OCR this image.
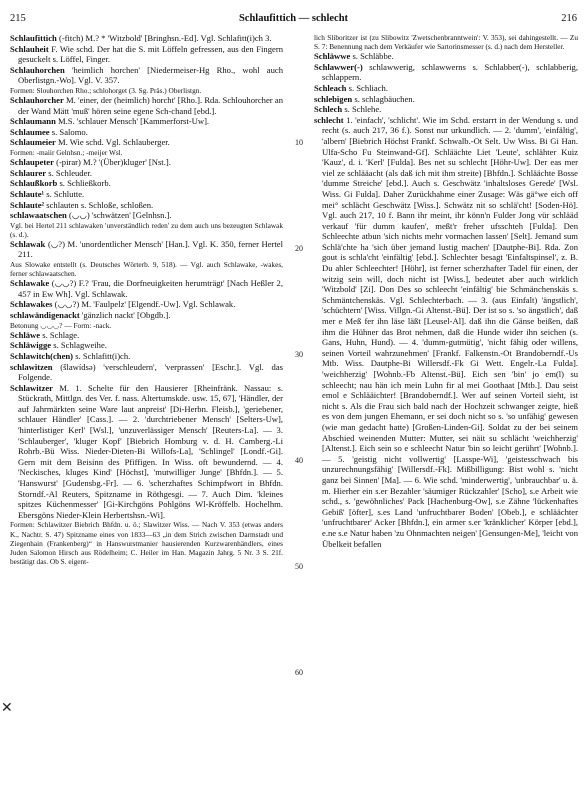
215	Schlaufittich — schlecht	216

Schlaufittich (-fitch) M.? * 'Witzbold' [Bringhsn.-Ed]. Vgl. Schlafitt(i)ch 3.

Schlauheit F. Wie schd. Der hat die S. mit Löffeln gefressen, aus den Fingern gesuckelt s. Löffel, Finger.

Schlauhorchen 'heimlich horchen' [Niedermeiser-Hg Rho., wohl auch Oberlistgn.-Wo]. Vgl. V. 357.

Formen: Slouhorchen Rho.; schlohorget (3. Sg. Präs.) Oberlistgn.

Schlauhorcher M. 'einer, der (heimlich) horcht' [Rho.]. Rda. Schlouhorcher an der Wand Mätt 'muß' hören seine egene Sch-chand [ebd.].

Schlaumann M.S. 'schlauer Mensch' [Kammerforst-Uw].

Schlaumee s. Salomo.

Schlaumeier M. Wie schd. Vgl. Schlauberger.

Formen: -maiir Gelnhsn.; -meijer Wsl.

Schlaupeter (-pirar) M.? '(Über)kluger' [Nst.].

Schlaurer s. Schleuder.

Schlaußkorb s. Schließkorb.

Schlaute¹ s. Schlutte.

Schlaute² schlauten s. Schloße, schloßen.

schlawaatschen (◡◡) 'schwätzen' [Gelnhsn.].

Vgl. bei Hertel 211 schlawaken 'unverständlich reden' zu dem auch uns bezeugten Schlawak (s. d.).

Schlawak (◡?) M. 'unordentlicher Mensch' [Han.]. Vgl. K. 350, ferner Hertel 211.

Aus Slowake entstellt (s. Deutsches Wörterb. 9, 518). — Vgl. auch Schlawake, -wakes, ferner schlawaatschen.

Schlawake (◡◡?) F.? 'Frau, die Dorfneuigkeiten herumträgt' [Nach Heßler 2, 457 in Ew Wh]. Vgl. Schlawak.

Schlawakes (◡◡?) M. 'Faulpelz' [Elgendf.-Uw]. Vgl. Schlawak.

schlawändigenackt 'gänzlich nackt' [Obgdb.].

Betonung ◡◡◡? — Form: -nack.

Schläwe s. Schlage.

Schläwigge s. Schlagweihe.

Schlawitch(chen) s. Schlafitt(i)ch.

schlawitzen (šlawídsə) 'verschleudern', 'verprassen' [Eschr.]. Vgl. das Folgende.

Schlawitzer M. 1. Schelte für den Hausierer [Rheinfränk. Nassau: s. Stückrath, Mittlgn. des Ver. f. nass. Altertumskde. usw. 15, 67], 'Händler, der auf Jahrmärkten seine Ware laut anpreist' [Di-Herbn. Fleisb.], 'geriebener, schlauer Händler' [Cass.]. — 2. 'durchtriebener Mensch' [Selters-Uw], 'hinterlistiger Kerl' [Wsl.], 'unzuverlässiger Mensch' [Reuters-La]. — 3. 'Schlauberger', 'kluger Kopf' [Biebrich Homburg v. d. H. Camberg.-Li Rohrb.-Bü Wiss. Nieder-Dieten-Bi Willofs-La], 'Schlingel' [Londf.-Gi]. Gern mit dem Beisinn des Pfiffigen. In Wiss. oft bewundernd. — 4. 'Neckisches, kluges Kind' [Höchst], 'mutwilliger Junge' [Bhfdn.]. — 5. 'Hanswurst' [Gudensbg.-Fr]. — 6. 'scherzhaftes Schimpfwort in Bhfdn. Storndf.-Al Reuters, Spitzname in Röthgesgi. — 7. Auch Dim. 'kleines spitzes Küchenmesser' [Gi-Kirchgöns Pohlgöns Wl-Kröffelb. Hochelhm. Ebersgöns Nieder-Klein Herbertshsn.-Wi].

Formen: Schlawitzer Biebrich Bhfdn. u. ö.; Slawitzer Wiss. — Nach V. 353 (etwas anders K., Nachtr. S. 47) Spitzname eines von 1833—63 „in dem Strich zwischen Darmstadt und Ziegenhain (Frankenberg)“ in Hanswurstmanier hausierenden Kurzwarenhändlers, eines Juden Salomon Hirsch aus Rödelheim; C. Heiler im Han. Magazin Jahrg. 5 Nr. 3 S. 21f. bestätigt das. Ob S. eigent-

10
20
30
40
50
60

lich Sliboritzer ist (zu Slibowitz 'Zwetschenbranntwein': V. 353), sei dahingestellt. — Zu S. 7: Benennung nach dem Verkäufer wie Sartorinsmesser (s. d.) nach dem Hersteller.

Schläwwe s. Schläbbe.

Schlawwer(-) schlawwerig, schlawwerns s. Schlabber(-), schlabberig, schlappern.

Schleach s. Schliach.

schlebigen s. schlagbäuchen.

Schlech s. Schlehe.

schlecht 1. 'einfach', 'schlicht'. Wie im Schd. erstarrt in der Wendung s. und recht (s. auch 217, 36 f.). Sonst nur urkundlich. — 2. 'dumm', 'einfältig', 'albern' [Biebrich Höchst Frankf. Schwalb.-Ot Selt. Uw Wiss. Bi Gi Han. Ulfa-Scho Fu Steinwand-Gf]. Schläächte Liet 'Leute', schlähter Kuiz 'Kauz', d. i. 'Kerl' [Fulda]. Bes net su schlecht [Höhr-Uw]. Der eas mer viel ze schlääacht (als daß ich mit ihm streite) [Bhfdn.]. Schläächte Bosse 'dumme Streiche' [ebd.]. Auch s. Geschwätz 'inhaltsloses Gerede' [Wsl. Wiss. Gi Fulda]. Daher Zurückhahme einer Zusage: Wäs gä°we eich off mei° schlächt Geschwätz [Wiss.]. Schwätz nit so schlä'cht! [Soden-Hö]. Vgl. auch 217, 10 f. Bann ihr meint, ihr könn'n Fulder Jong vür schlääd verkauf 'für dumm kaufen', meßt'r freher ufsschteh [Fulda]. Den Schleechte atbun 'sich nichts mehr vormachen lassen' [Selt]. Jemand sum Schlä'chte ha 'sich über jemand lustig machen' [Dautphe-Bi]. Rda. Zon gout is schla'cht 'einfältig' [ebd.]. Schlechter besagt 'Einfaltspinsel', z. B. Du ahler Schleechter! [Höhr], ist ferner scherzhafter Tadel für einen, der witzig sein will, doch nicht ist [Wiss.], bedeutet aber auch wirklich 'Witzbold' [Zi]. Don Des so schleecht 'einfältig' bie Schmänchenskäs s. Schmäntchenskäs. Vgl. Schlechterbach. — 3. (aus Einfalt) 'ängstlich', 'schüchtern' [Wiss. Villgn.-Gi Altenst.-Bü]. Der ist so s. 'so ängstlich', daß mer e Meß fer ihn läse läßt [Leusel-Al]. daß ihn die Gänse beißen, daß ihm die Hühner das Brot nehmen, daß die Hunde wider ihn seichen (s. Gans, Huhn, Hund). — 4. 'dumm-gutmütig', 'nicht fähig oder willens, seinen Vorteil wahrzunehmen' [Frankf. Falkenstn.-Ot Brandoberndf.-Us Mtb. Wiss. Dautphe-Bi Willersdf.-Fk Gi Wett. Engelr.-La Fulda]. 'weichherzig' [Wohnb.-Fb Altenst.-Bü]. Eich sen 'bin' jo em(l) su schleecht; nau hän ich mein Luhn fir al mei Goothaat [Mtb.]. Dau seist emol e Schlääichter! [Brandoberndf.]. Wer auf seinen Vorteil sieht, ist nicht s. Als die Frau sich bald nach der Hochzeit schwanger zeigte, hieß es von dem jungen Ehemann, er sei doch nicht so s. 'so unfähig' gewesen (wie man gedacht hatte) [Großen-Linden-Gi]. Soldat zu der bei seinem Abschied weinenden Mutter: Mutter, sei näit su schlächt 'weichherzig' [Altenst.]. Eich sein so e schleecht Natur 'bin so leicht gerührt' [Wohnb.]. — 5. 'geistig nicht vollwertig' [Lasspe-Wi], 'geistesschwach bis unzurechnungsfähig' [Willersdf.-Fk]. Mißbilligung: Bist wohl s. 'nicht ganz bei Sinnen' [Ma]. — 6. Wie schd. 'minderwertig', 'unbrauchbar' u. ä. m. Hierher ein s.er Bezahler 'säumiger Rückzahler' [Scho], s.e Arbeit wie schd., s. 'gewöhnliches' Pack [Hachenburg-Ow], s.e Zähne 'lückenhaftes Gebiß' [öfter], s.es Land 'unfruchtbarer Boden' [Obeb.], e schläächter 'unfruchtbarer' Acker [Bhfdn.], ein armer s.er 'kränklicher' Körper [ebd.], e.ne s.e Natur haben 'zu Ohnmachten neigen' [Gensungen-Me], 'leicht von Übelkeit befallen

✕
